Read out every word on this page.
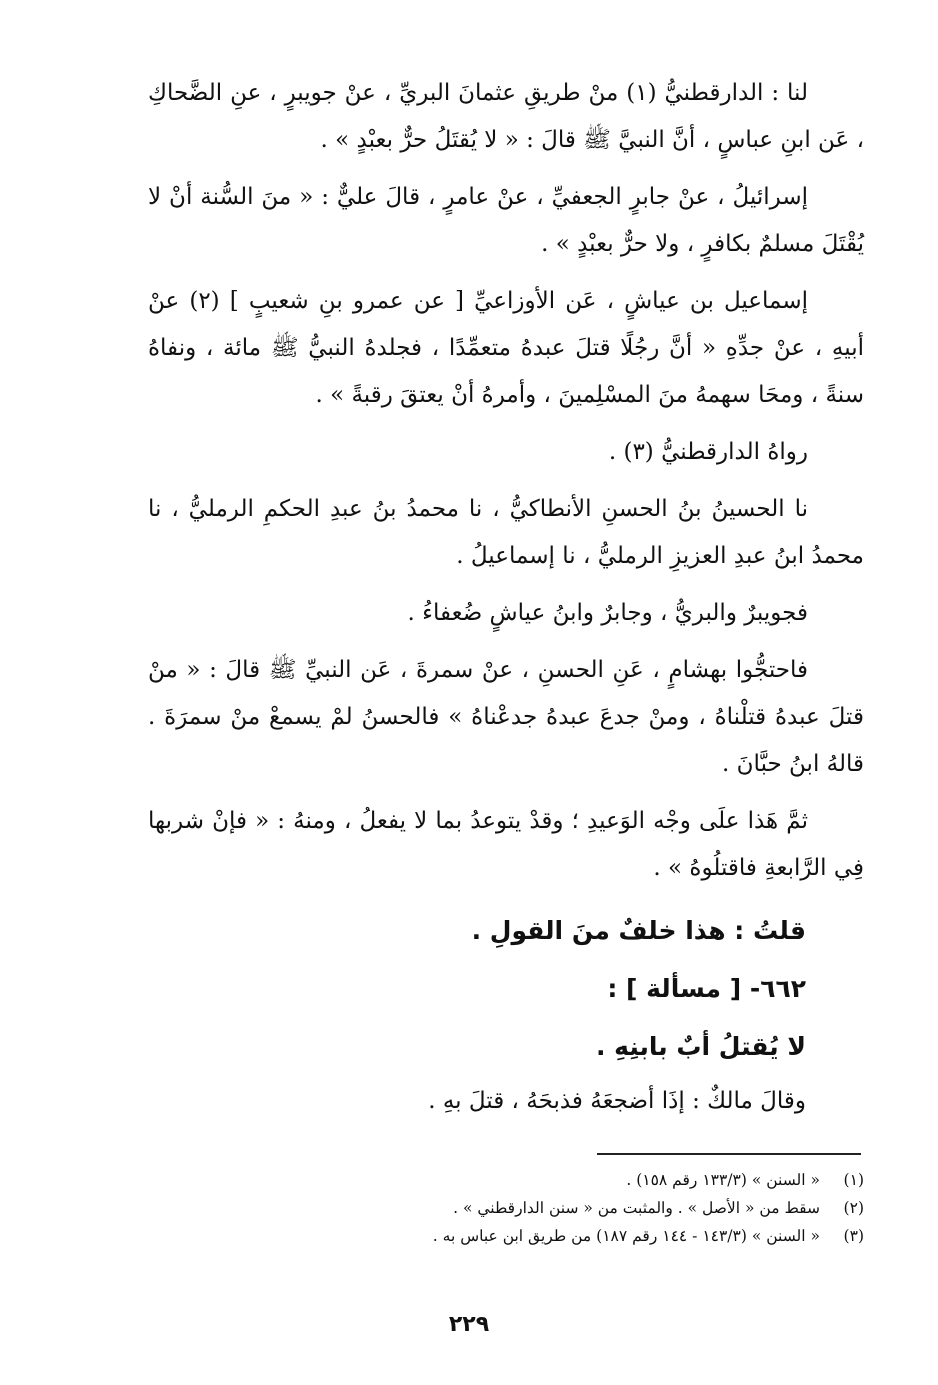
لنا : الدارقطنيُّ (١) منْ طريقِ عثمانَ البريِّ ، عنْ جويبرٍ ، عنِ الضَّحاكِ ، عَن ابنِ عباسٍ ، أنَّ النبيَّ ﷺ قالَ : « لا يُقتَلُ حرٌّ بعبْدٍ » .

إسرائيلُ ، عنْ جابرٍ الجعفيِّ ، عنْ عامرٍ ، قالَ عليٌّ : « منَ السُّنة أنْ لا يُقْتَلَ مسلمٌ بكافرٍ ، ولا حرٌّ بعبْدٍ » .

إسماعيل بن عياشٍ ، عَن الأوزاعيِّ [ عن عمرو بنِ شعيبٍ ] (٢) عنْ أبيهِ ، عنْ جدِّهِ « أنَّ رجُلًا قتلَ عبدهُ متعمِّدًا ، فجلدهُ النبيُّ ﷺ مائة ، ونفاهُ سنةً ، ومحَا سهمهُ منَ المسْلِمينَ ، وأمرهُ أنْ يعتقَ رقبةً » .

رواهُ الدارقطنيُّ (٣) .

نا الحسينُ بنُ الحسنِ الأنطاكيُّ ، نا محمدُ بنُ عبدِ الحكمِ الرمليُّ ، نا محمدُ ابنُ عبدِ العزيزِ الرمليُّ ، نا إسماعيلُ .

فجويبرٌ والبريُّ ، وجابرٌ وابنُ عياشٍ ضُعفاءُ .

فاحتجُّوا بهشامٍ ، عَنِ الحسنِ ، عنْ سمرةَ ، عَن النبيِّ ﷺ قالَ : « منْ قتلَ عبدهُ قتلْناهُ ، ومنْ جدعَ عبدهُ جدعْناهُ » فالحسنُ لمْ يسمعْ منْ سمرَةَ . قالهُ ابنُ حبَّانَ .

ثمَّ هَذا علَى وجْه الوَعيدِ ؛ وقدْ يتوعدُ بما لا يفعلُ ، ومنهُ : « فإنْ شربها فِي الرَّابعةِ فاقتلُوهُ » .

قلتُ : هذا خلفٌ منَ القولِ .

٦٦٢- [ مسألة ] :

لا يُقتلُ أبٌ بابنِهِ .

وقالَ مالكٌ : إذَا أضجعَهُ فذبحَهُ ، قتلَ بهِ .

(١)« السنن » (١٣٣/٣ رقم ١٥٨) .

(٢)سقط من « الأصل » . والمثبت من « سنن الدارقطني » .

(٣)« السنن » (١٤٣/٣ - ١٤٤ رقم ١٨٧) من طريق ابن عباس به .

٢٢٩
